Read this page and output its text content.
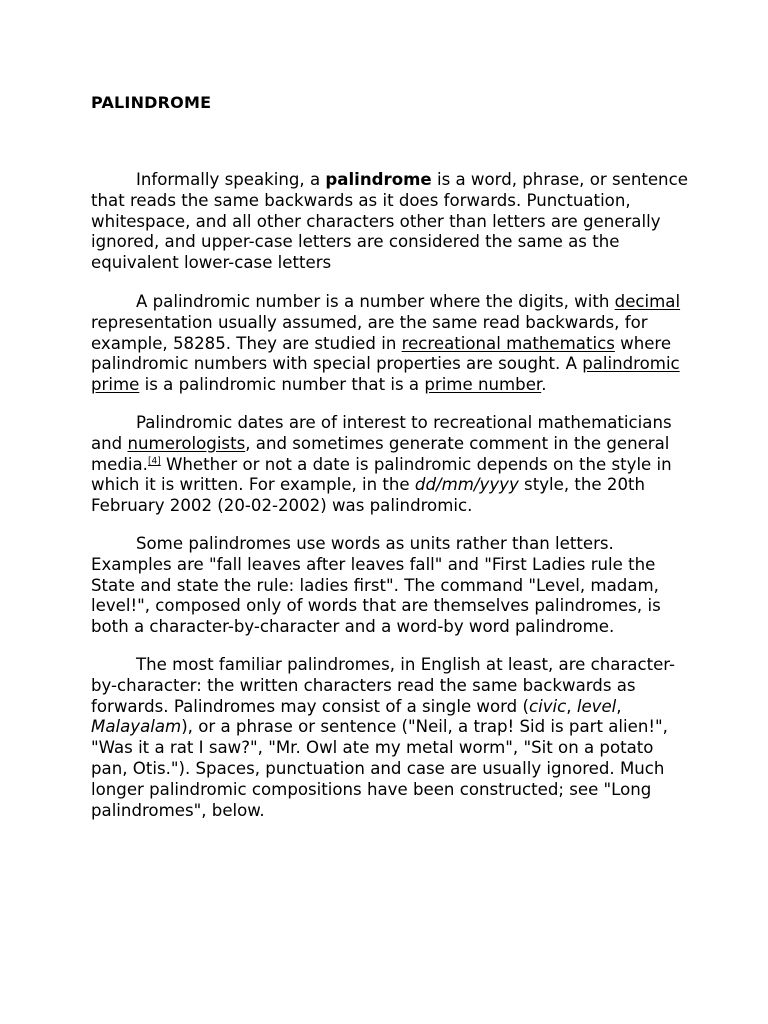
PALINDROME

Informally speaking, a palindrome is a word, phrase, or sentence that reads the same backwards as it does forwards. Punctuation, whitespace, and all other characters other than letters are generally ignored, and upper-case letters are considered the same as the equivalent lower-case letters

A palindromic number is a number where the digits, with decimal representation usually assumed, are the same read backwards, for example, 58285. They are studied in recreational mathematics where palindromic numbers with special properties are sought. A palindromic prime is a palindromic number that is a prime number.

Palindromic dates are of interest to recreational mathematicians and numerologists, and sometimes generate comment in the general media.[4] Whether or not a date is palindromic depends on the style in which it is written. For example, in the dd/mm/yyyy style, the 20th February 2002 (20-02-2002) was palindromic.

Some palindromes use words as units rather than letters. Examples are "fall leaves after leaves fall" and "First Ladies rule the State and state the rule: ladies first". The command "Level, madam, level!", composed only of words that are themselves palindromes, is both a character-by-character and a word-by word palindrome.

The most familiar palindromes, in English at least, are character-by-character: the written characters read the same backwards as forwards. Palindromes may consist of a single word (civic, level, Malayalam), or a phrase or sentence ("Neil, a trap! Sid is part alien!", "Was it a rat I saw?", "Mr. Owl ate my metal worm", "Sit on a potato pan, Otis."). Spaces, punctuation and case are usually ignored. Much longer palindromic compositions have been constructed; see "Long palindromes", below.
